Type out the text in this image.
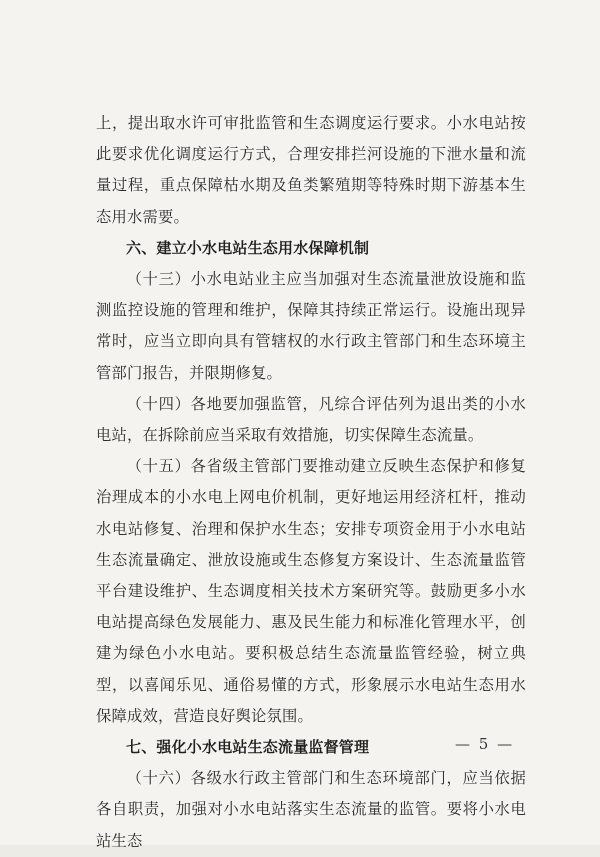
上，提出取水许可审批监管和生态调度运行要求。小水电站按此要求优化调度运行方式，合理安排拦河设施的下泄水量和流量过程，重点保障枯水期及鱼类繁殖期等特殊时期下游基本生态用水需要。

六、建立小水电站生态用水保障机制

（十三）小水电站业主应当加强对生态流量泄放设施和监测监控设施的管理和维护，保障其持续正常运行。设施出现异常时，应当立即向具有管辖权的水行政主管部门和生态环境主管部门报告，并限期修复。

（十四）各地要加强监管，凡综合评估列为退出类的小水电站，在拆除前应当采取有效措施，切实保障生态流量。

（十五）各省级主管部门要推动建立反映生态保护和修复治理成本的小水电上网电价机制，更好地运用经济杠杆，推动水电站修复、治理和保护水生态；安排专项资金用于小水电站生态流量确定、泄放设施或生态修复方案设计、生态流量监管平台建设维护、生态调度相关技术方案研究等。鼓励更多小水电站提高绿色发展能力、惠及民生能力和标准化管理水平，创建为绿色小水电站。要积极总结生态流量监管经验，树立典型，以喜闻乐见、通俗易懂的方式，形象展示水电站生态用水保障成效，营造良好舆论氛围。

七、强化小水电站生态流量监督管理

（十六）各级水行政主管部门和生态环境部门，应当依据各自职责，加强对小水电站落实生态流量的监管。要将小水电站生态

— 5 —
